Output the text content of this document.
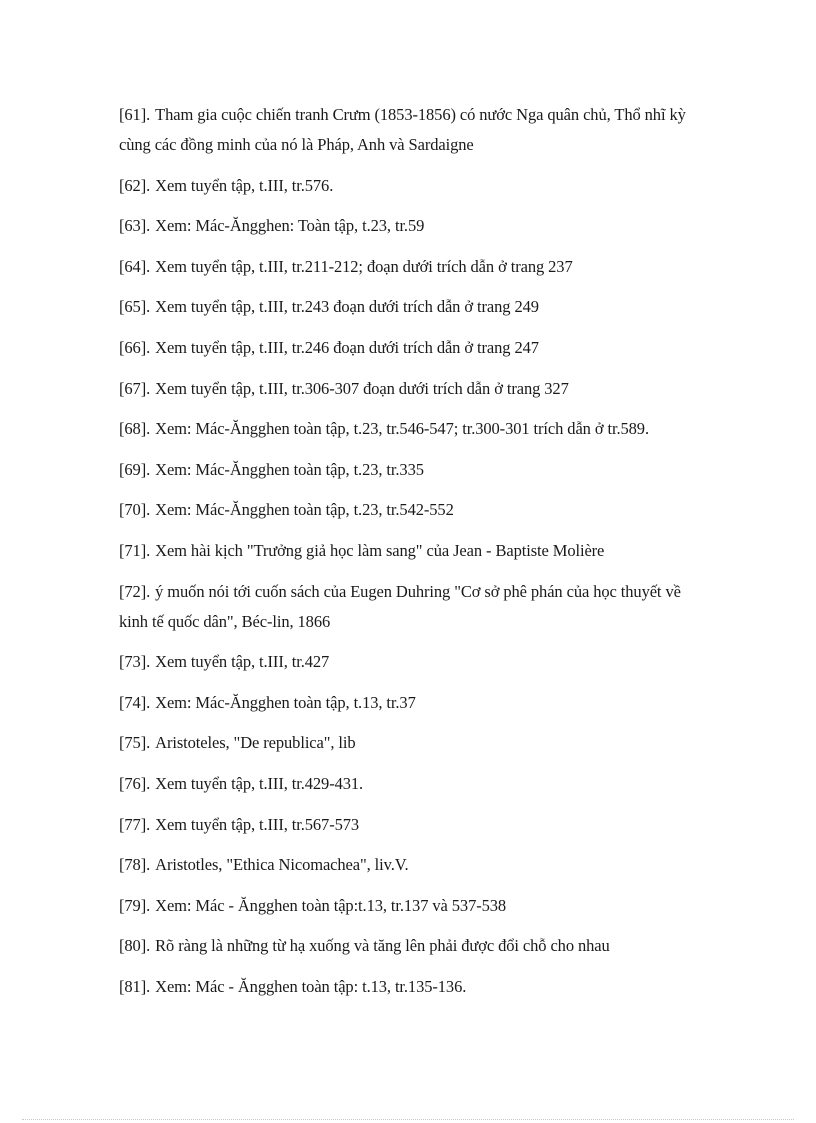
[61]. Tham gia cuộc chiến tranh Crưm (1853-1856) có nước Nga quân chủ, Thổ nhĩ kỳ cùng các đồng minh của nó là Pháp, Anh và Sardaigne
[62]. Xem tuyển tập, t.III, tr.576.
[63]. Xem: Mác-Ăngghen: Toàn tập, t.23, tr.59
[64]. Xem tuyển tập, t.III, tr.211-212; đoạn dưới trích dẫn ở trang 237
[65]. Xem tuyển tập, t.III, tr.243 đoạn dưới trích dẫn ở trang 249
[66]. Xem tuyển tập, t.III, tr.246 đoạn dưới trích dẫn ở trang 247
[67]. Xem tuyển tập, t.III, tr.306-307 đoạn dưới trích dẫn ở trang 327
[68]. Xem: Mác-Ăngghen toàn tập, t.23, tr.546-547; tr.300-301 trích dẫn ở tr.589.
[69]. Xem: Mác-Ăngghen toàn tập, t.23, tr.335
[70]. Xem: Mác-Ăngghen toàn tập, t.23, tr.542-552
[71]. Xem hài kịch "Trưởng giả học làm sang" của Jean - Baptiste Molière
[72]. ý muốn nói tới cuốn sách của Eugen Duhring "Cơ sở phê phán của học thuyết về kinh tế quốc dân", Béc-lin, 1866
[73]. Xem tuyển tập, t.III, tr.427
[74]. Xem: Mác-Ăngghen toàn tập, t.13, tr.37
[75]. Aristoteles, "De republica", lib
[76]. Xem tuyển tập, t.III, tr.429-431.
[77]. Xem tuyển tập, t.III, tr.567-573
[78]. Aristotles, "Ethica Nicomachea", liv.V.
[79]. Xem: Mác - Ăngghen toàn tập:t.13, tr.137 và 537-538
[80]. Rõ ràng là những từ hạ xuống và tăng lên phải được đổi chỗ cho nhau
[81]. Xem: Mác - Ăngghen toàn tập: t.13, tr.135-136.
